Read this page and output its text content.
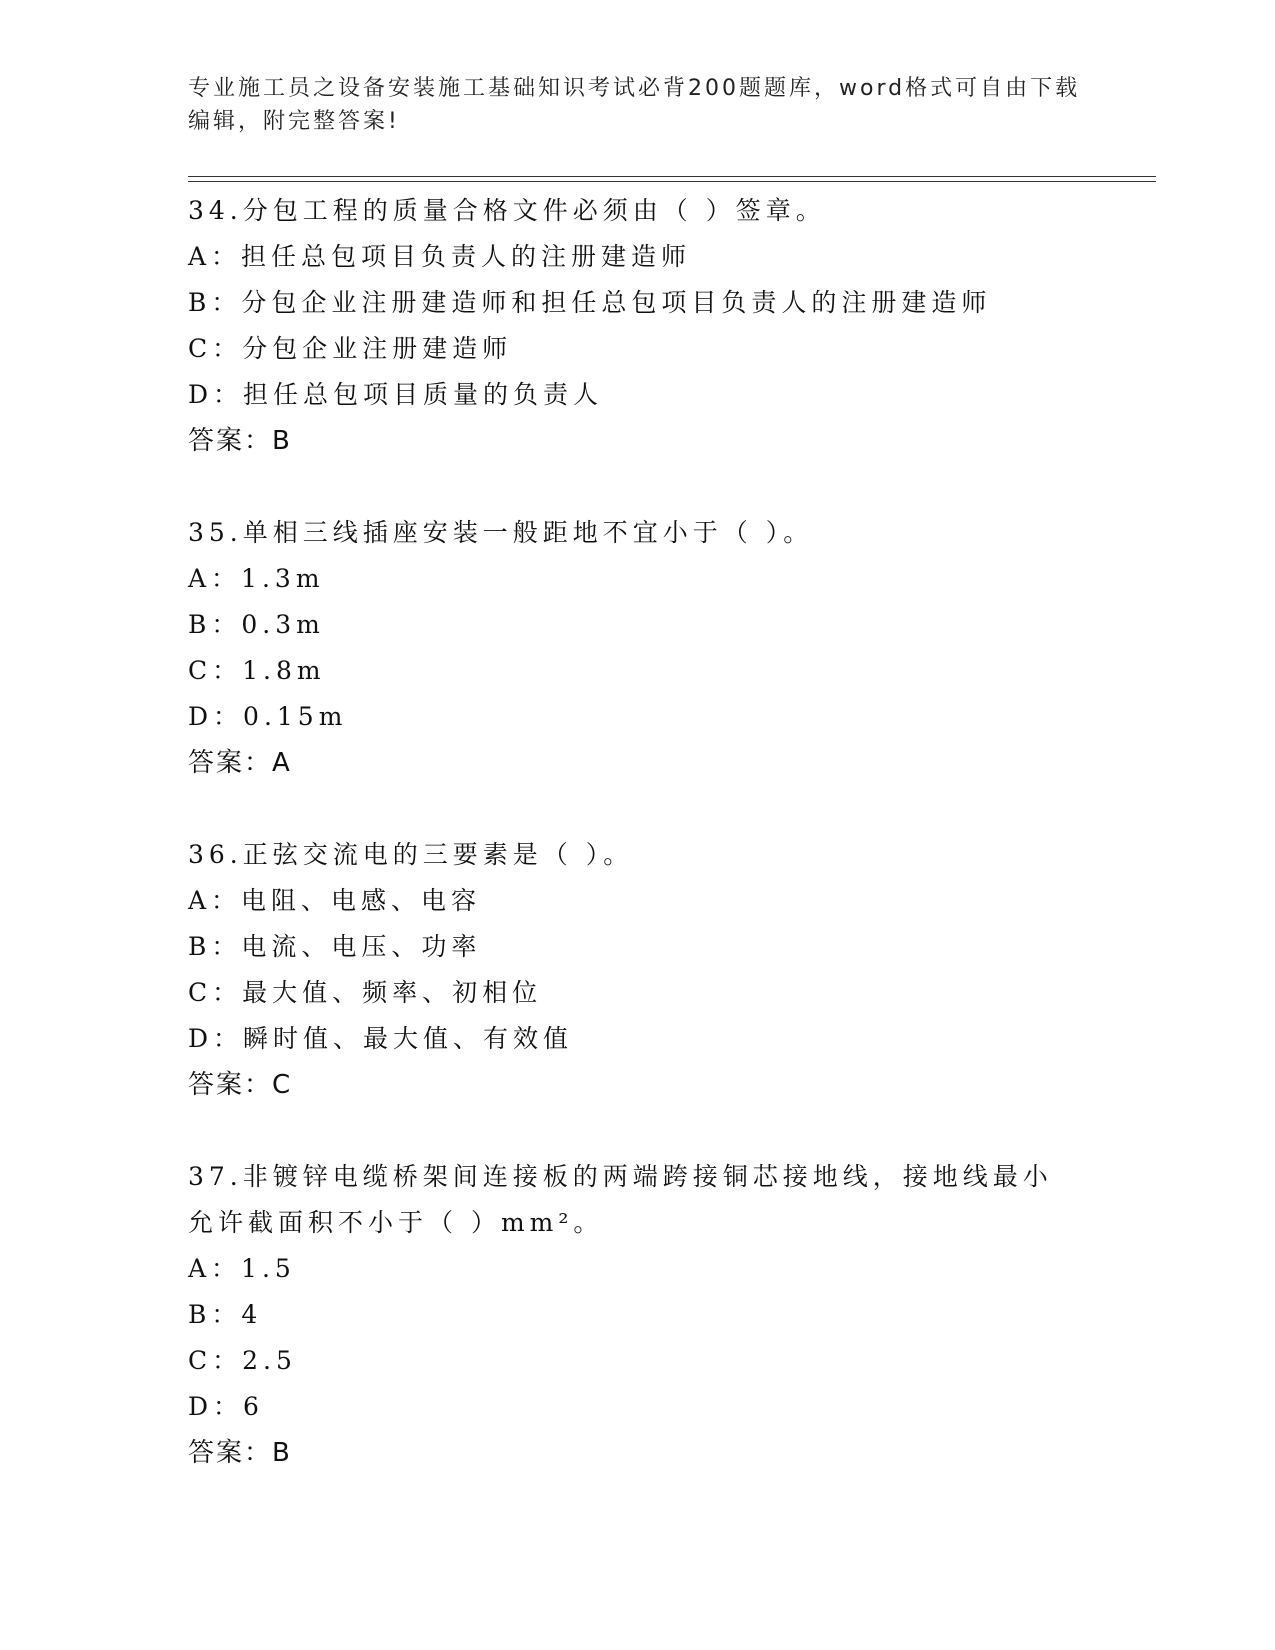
专业施工员之设备安装施工基础知识考试必背200题题库，word格式可自由下载编辑，附完整答案!
34.分包工程的质量合格文件必须由（ ）签章。
A：担任总包项目负责人的注册建造师
B：分包企业注册建造师和担任总包项目负责人的注册建造师
C：分包企业注册建造师
D：担任总包项目质量的负责人
答案：B
35.单相三线插座安装一般距地不宜小于（ ）。
A：1.3m
B：0.3m
C：1.8m
D：0.15m
答案：A
36.正弦交流电的三要素是（ ）。
A：电阻、电感、电容
B：电流、电压、功率
C：最大值、频率、初相位
D：瞬时值、最大值、有效值
答案：C
37.非镀锌电缆桥架间连接板的两端跨接铜芯接地线，接地线最小允许截面积不小于（ ）mm²。
A：1.5
B：4
C：2.5
D：6
答案：B
